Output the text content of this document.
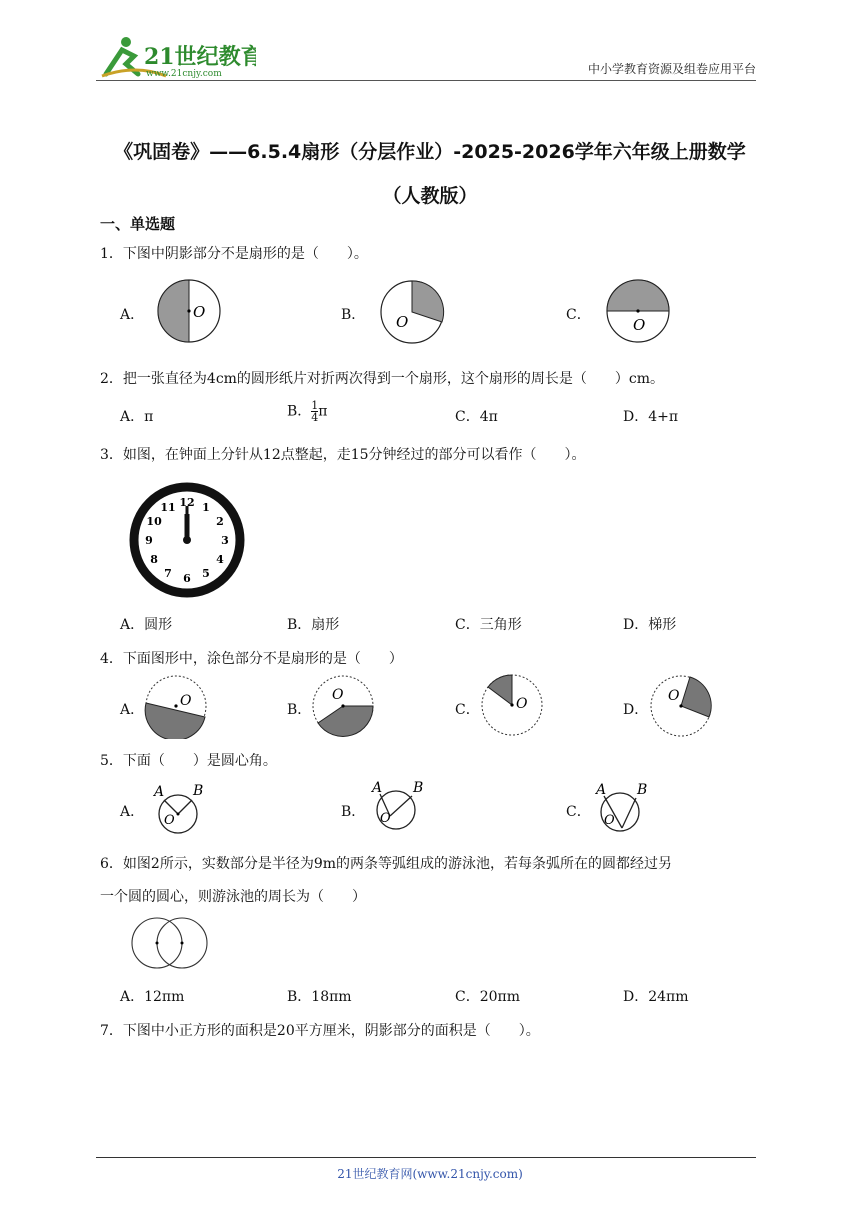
21世纪教育
www.21cnjy.com	中小学教育资源及组卷应用平台
《巩固卷》——6.5.4扇形（分层作业）-2025-2026学年六年级上册数学（人教版）
一、单选题
1．下图中阴影部分不是扇形的是（　　）。
A．	O	B． O	C．
O
2．把一张直径为4cm的圆形纸片对折两次得到一个扇形，这个扇形的周长是（　　）cm。
A．π	B． $\frac{1}{4}$ π	C．4π	D．4+π
3．如图，在钟面上分针从12点整起，走15分钟经过的部分可以看作（　　）。
12 1
2
3
4
5
6
7
8
9
10
11
A．圆形	B．扇形	C．三角形	D．梯形
4．下面图形中，涂色部分不是扇形的是（　　）
A．
O
B．
O
C．	O	D．
O
5．下面（　　）是圆心角。
A．
A B
O
B．
A B
O	C．
A B
O
6．如图2所示，实数部分是半径为9m的两条等弧组成的游泳池，若每条弧所在的圆都经过另
一个圆的圆心，则游泳池的周长为（　　）
A．12πm	B．18πm	C．20πm	D．24πm
7．下图中小正方形的面积是20平方厘米，阴影部分的面积是（　　）。
21世纪教育网(www.21cnjy.com)
